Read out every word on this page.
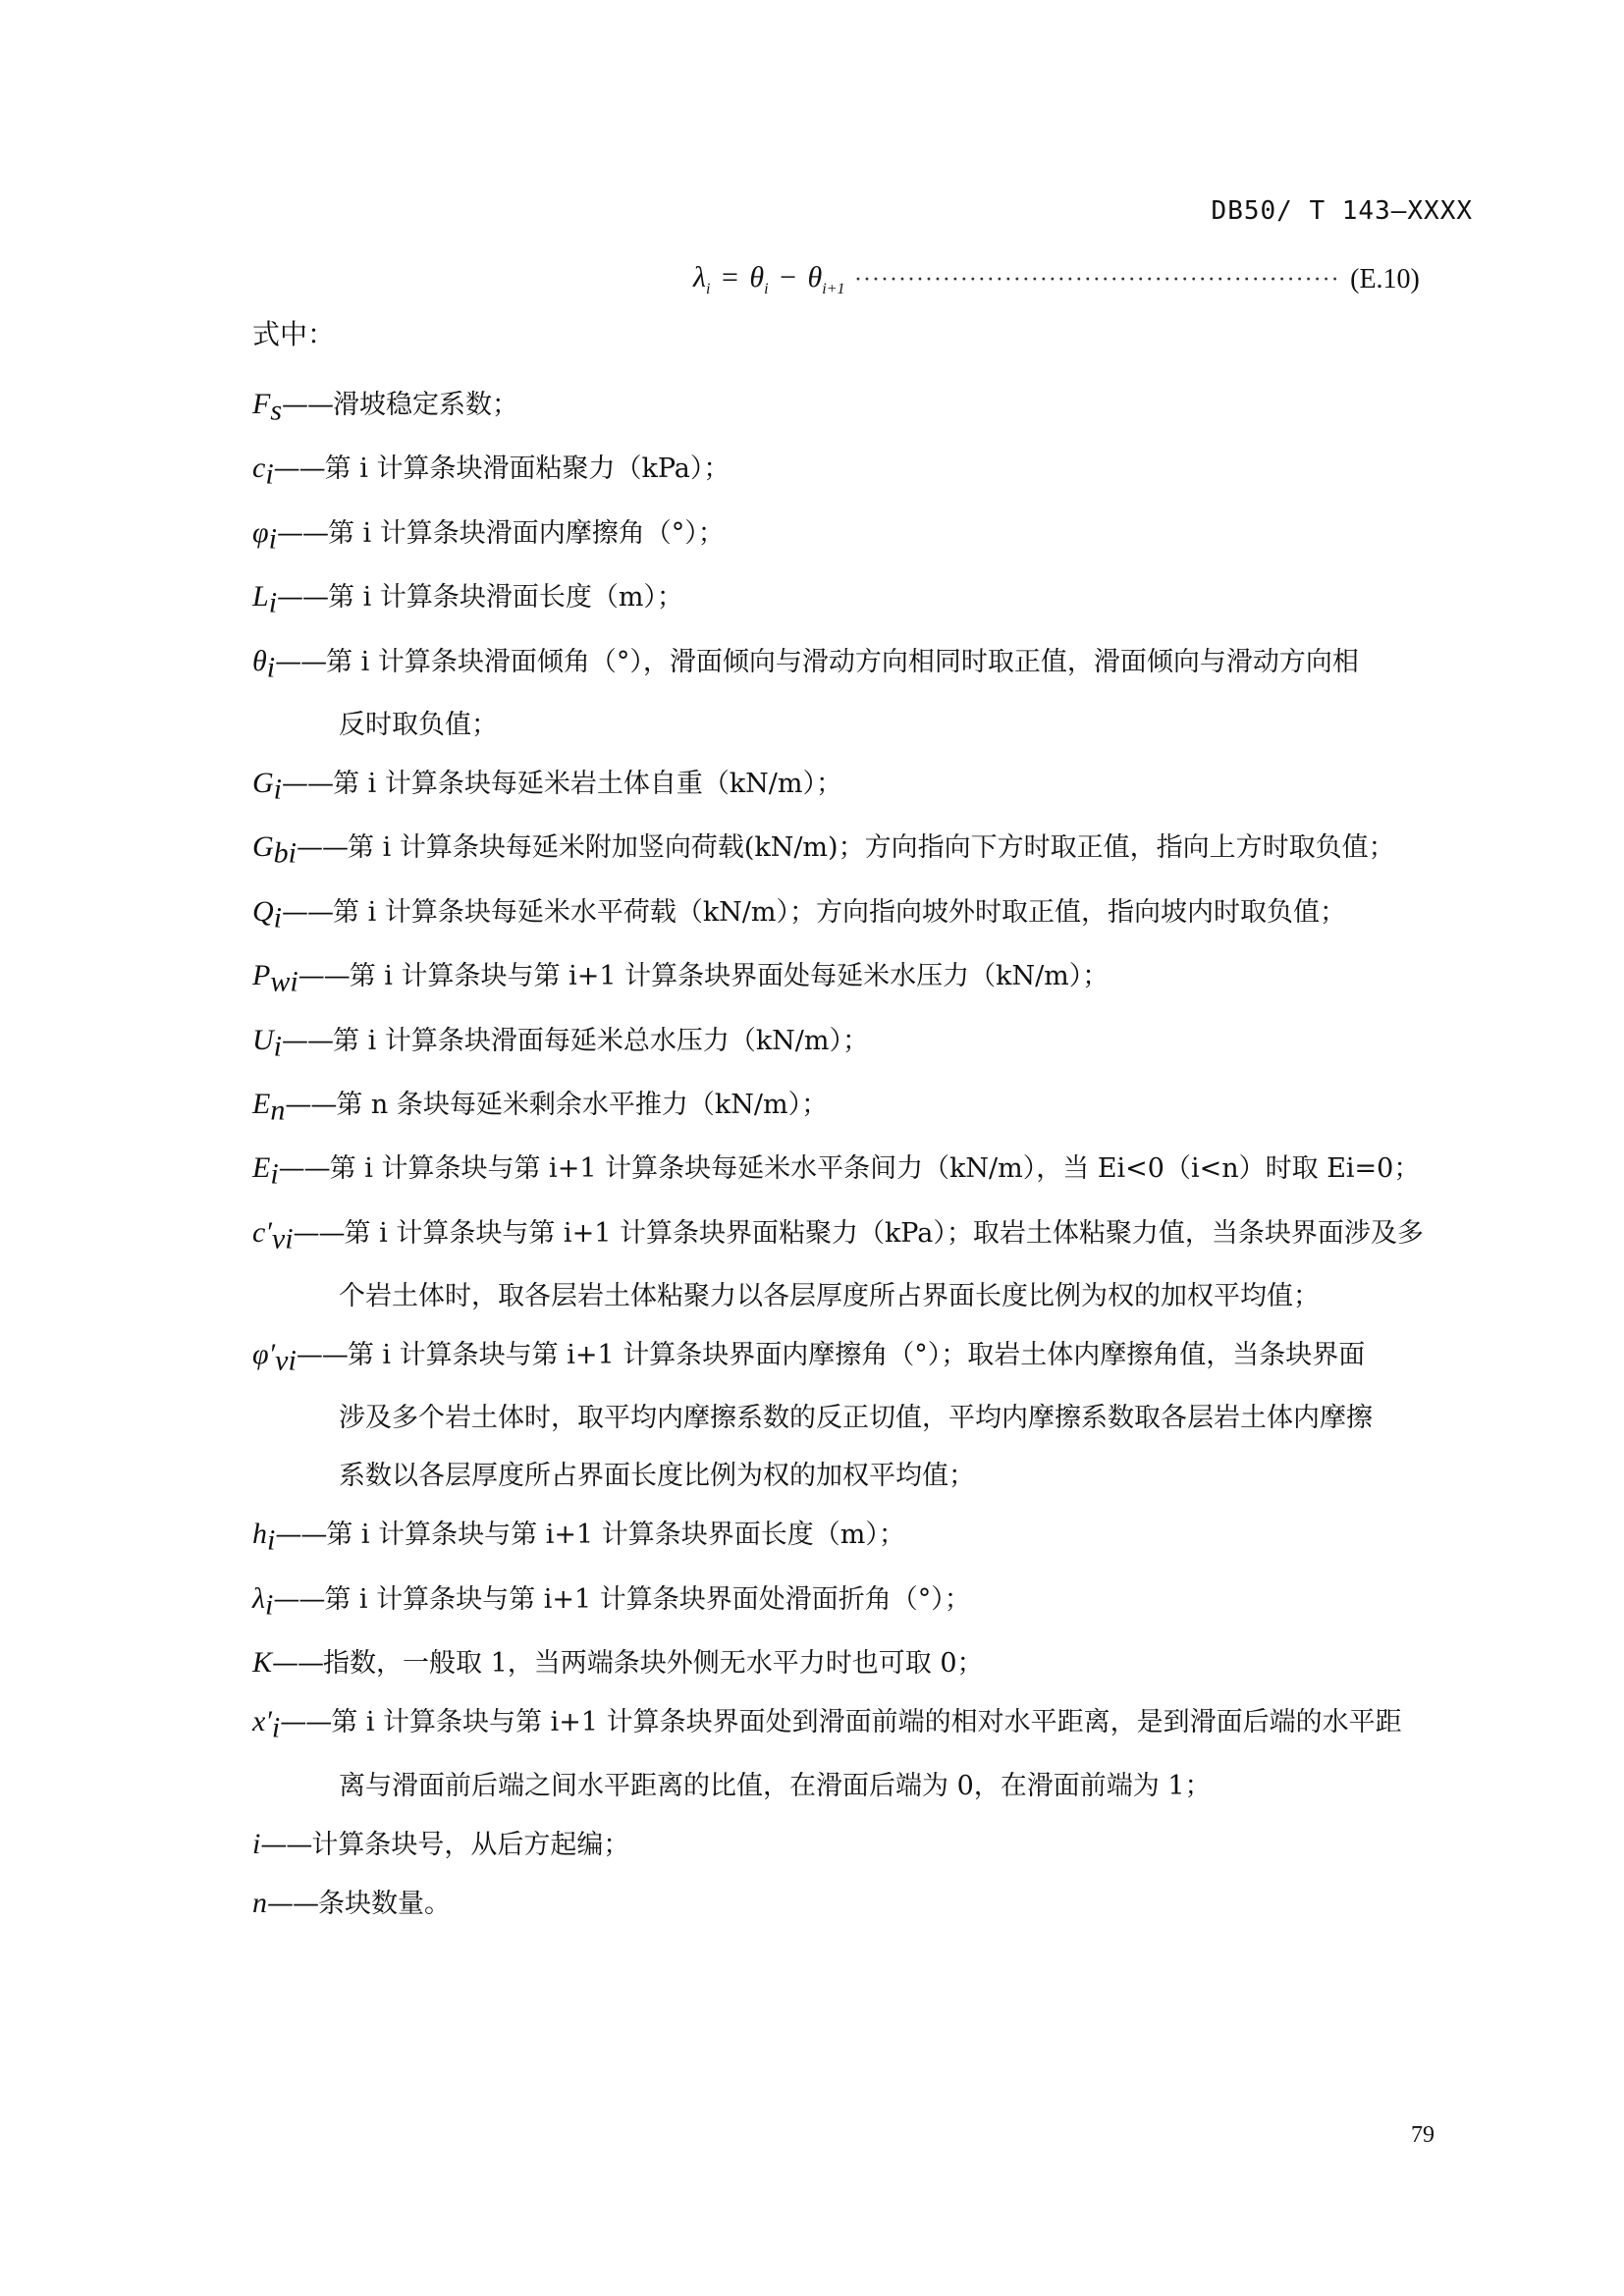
DB50/ T 143—XXXX
$\lambda_i = \theta_i - \theta_{i+1}$ ······················································· (E.10)
式中：
$F_s——$滑坡稳定系数；
$c_i——$第 i 计算条块滑面粘聚力（kPa）；
$\varphi_i——$第 i 计算条块滑面内摩擦角（°）；
$L_i——$第 i 计算条块滑面长度（m）；
$\theta_i——$第 i 计算条块滑面倾角（°），滑面倾向与滑动方向相同时取正值，滑面倾向与滑动方向相
反时取负值；
$G_i——$第 i 计算条块每延米岩土体自重（kN/m）；
$G_{bi}——$第 i 计算条块每延米附加竖向荷载(kN/m)；方向指向下方时取正值，指向上方时取负值；
$Q_i——$第 i 计算条块每延米水平荷载（kN/m）；方向指向坡外时取正值，指向坡内时取负值；
$P_{wi}——$第 i 计算条块与第 i+1 计算条块界面处每延米水压力（kN/m）；
$U_i——$第 i 计算条块滑面每延米总水压力（kN/m）；
$E_n——$第 n 条块每延米剩余水平推力（kN/m）；
$E_i——$第 i 计算条块与第 i+1 计算条块每延米水平条间力（kN/m），当 Ei<0（i<n）时取 Ei=0；
$c'_{vi}——$第 i 计算条块与第 i+1 计算条块界面粘聚力（kPa）；取岩土体粘聚力值，当条块界面涉及多
个岩土体时，取各层岩土体粘聚力以各层厚度所占界面长度比例为权的加权平均值；
$\varphi'_{vi}——$第 i 计算条块与第 i+1 计算条块界面内摩擦角（°）；取岩土体内摩擦角值，当条块界面
涉及多个岩土体时，取平均内摩擦系数的反正切值，平均内摩擦系数取各层岩土体内摩擦
系数以各层厚度所占界面长度比例为权的加权平均值；
$h_i——$第 i 计算条块与第 i+1 计算条块界面长度（m）；
$\lambda_i——$第 i 计算条块与第 i+1 计算条块界面处滑面折角（°）；
K——指数，一般取 1，当两端条块外侧无水平力时也可取 0；
$x'_i——$第 i 计算条块与第 i+1 计算条块界面处到滑面前端的相对水平距离，是到滑面后端的水平距
离与滑面前后端之间水平距离的比值，在滑面后端为 0，在滑面前端为 1；
i——计算条块号，从后方起编；
n——条块数量。
79
